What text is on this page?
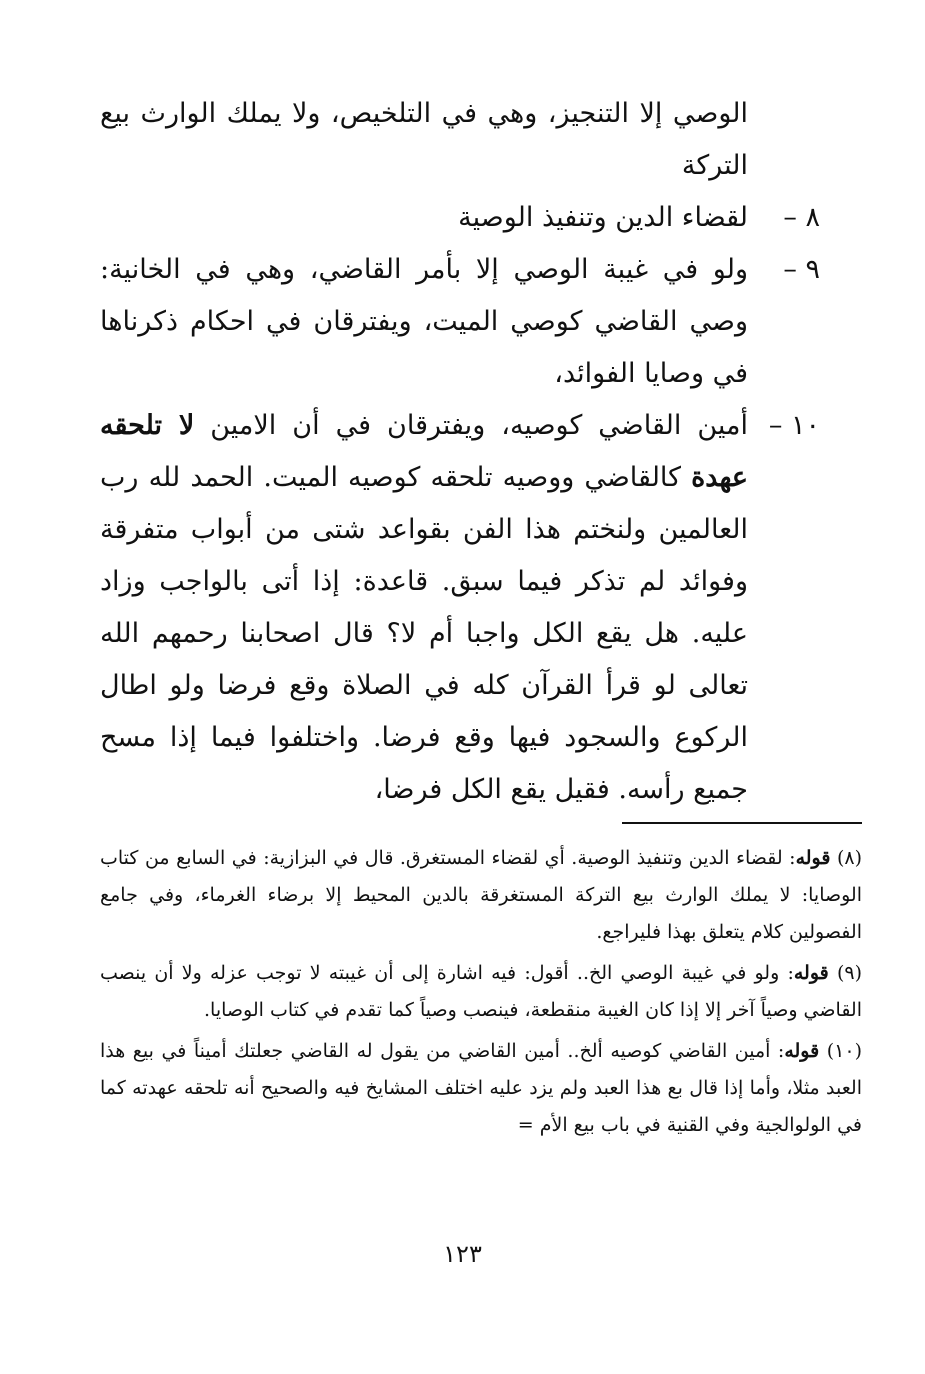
الوصي إلا التنجيز، وهي في التلخيص، ولا يملك الوارث بيع التركة

٨ –
لقضاء الدين وتنفيذ الوصية
٩ –
ولو في غيبة الوصي إلا بأمر القاضي، وهي في الخانية: وصي القاضي كوصي الميت، ويفترقان في احكام ذكرناها في وصايا الفوائد،
١٠ –
أمين القاضي كوصيه، ويفترقان في أن الامين لا تلحقه عهدة كالقاضي ووصيه تلحقه كوصيه الميت. الحمد لله رب العالمين ولنختم هذا الفن بقواعد شتى من أبواب متفرقة وفوائد لم تذكر فيما سبق. قاعدة: إذا أتى بالواجب وزاد عليه. هل يقع الكل واجبا أم لا؟ قال اصحابنا رحمهم الله تعالى لو قرأ القرآن كله في الصلاة وقع فرضا ولو اطال الركوع والسجود فيها وقع فرضا. واختلفوا فيما إذا مسح جميع رأسه. فقيل يقع الكل فرضا،

(٨) قوله: لقضاء الدين وتنفيذ الوصية. أي لقضاء المستغرق. قال في البزازية: في السابع من كتاب الوصايا: لا يملك الوارث بيع التركة المستغرقة بالدين المحيط إلا برضاء الغرماء، وفي جامع الفصولين كلام يتعلق بهذا فليراجع.

(٩) قوله: ولو في غيبة الوصي الخ.. أقول: فيه اشارة إلى أن غيبته لا توجب عزله ولا أن ينصب القاضي وصياً آخر إلا إذا كان الغيبة منقطعة، فينصب وصياً كما تقدم في كتاب الوصايا.

(١٠) قوله: أمين القاضي كوصيه ألخ.. أمين القاضي من يقول له القاضي جعلتك أميناً في بيع هذا العبد مثلا، وأما إذا قال بع هذا العبد ولم يزد عليه اختلف المشايخ فيه والصحيح أنه تلحقه عهدته كما في الولوالجية وفي القنية في باب بيع الأم =

١٢٣
